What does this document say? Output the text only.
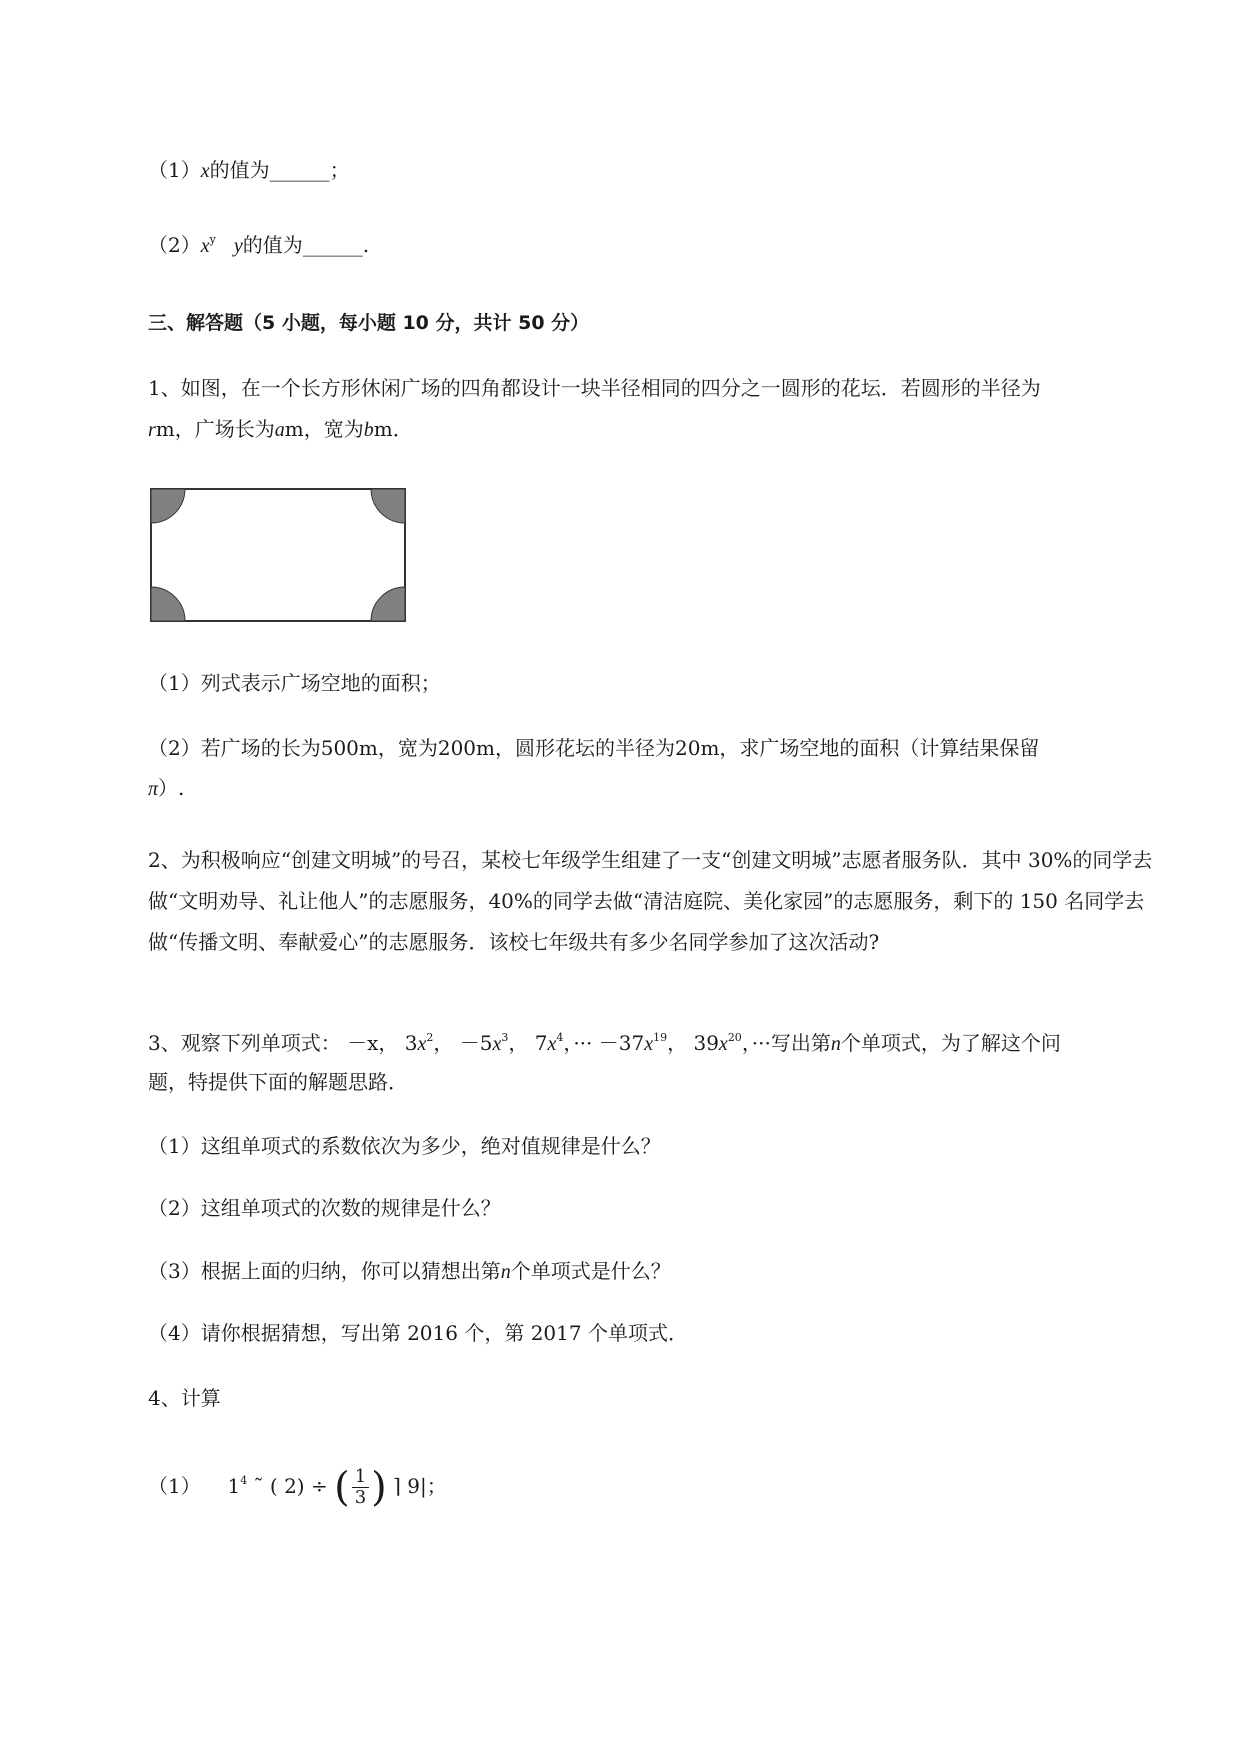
（1）x的值为______；
$(2)x^y$ y的值为______.
三、解答题（5 小题，每小题 10 分，共计 50 分）
1、如图，在一个长方形休闲广场的四角都设计一块半径相同的四分之一圆形的花坛．若圆形的半径为
rm，广场长为am，宽为bm．
（1）列式表示广场空地的面积；
（2）若广场的长为500m，宽为200m，圆形花坛的半径为20m，求广场空地的面积（计算结果保留
π）.
2、为积极响应“创建文明城”的号召，某校七年级学生组建了一支“创建文明城”志愿者服务队．其中 30%的同学去做“文明劝导、礼让他人”的志愿服务，40%的同学去做“清洁庭院、美化家园”的志愿服务，剩下的 150 名同学去做“传播文明、奉献爱心”的志愿服务．该校七年级共有多少名同学参加了这次活动?
3、观察下列单项式： －x， $3x^2$， $-5x^3$， $7x^4$，··· $-37x^{19}$， $39x^{20}$，···写出第n个单项式，为了解这个问
题，特提供下面的解题思路．
（1）这组单项式的系数依次为多少，绝对值规律是什么？
（2）这组单项式的次数的规律是什么？
（3）根据上面的归纳，你可以猜想出第n个单项式是什么？
（4）请你根据猜想，写出第 2016 个，第 2017 个单项式．
4、计算
（1） $1^4$ ˜ ( 2) ÷ ( $\frac{1}{3}$ ) ⌉ 9|；
